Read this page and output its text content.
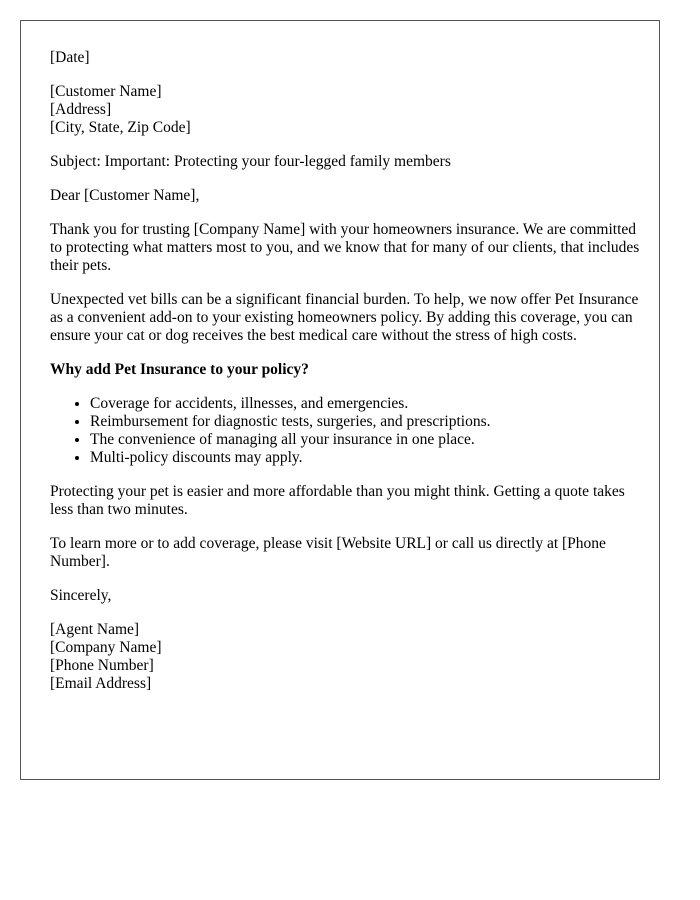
[Date]

[Customer Name]
[Address]
[City, State, Zip Code]

Subject: Important: Protecting your four-legged family members

Dear [Customer Name],

Thank you for trusting [Company Name] with your homeowners insurance. We are committed to protecting what matters most to you, and we know that for many of our clients, that includes their pets.

Unexpected vet bills can be a significant financial burden. To help, we now offer Pet Insurance as a convenient add-on to your existing homeowners policy. By adding this coverage, you can ensure your cat or dog receives the best medical care without the stress of high costs.

Why add Pet Insurance to your policy?

• Coverage for accidents, illnesses, and emergencies.
• Reimbursement for diagnostic tests, surgeries, and prescriptions.
• The convenience of managing all your insurance in one place.
• Multi-policy discounts may apply.

Protecting your pet is easier and more affordable than you might think. Getting a quote takes less than two minutes.

To learn more or to add coverage, please visit [Website URL] or call us directly at [Phone Number].

Sincerely,

[Agent Name]
[Company Name]
[Phone Number]
[Email Address]
